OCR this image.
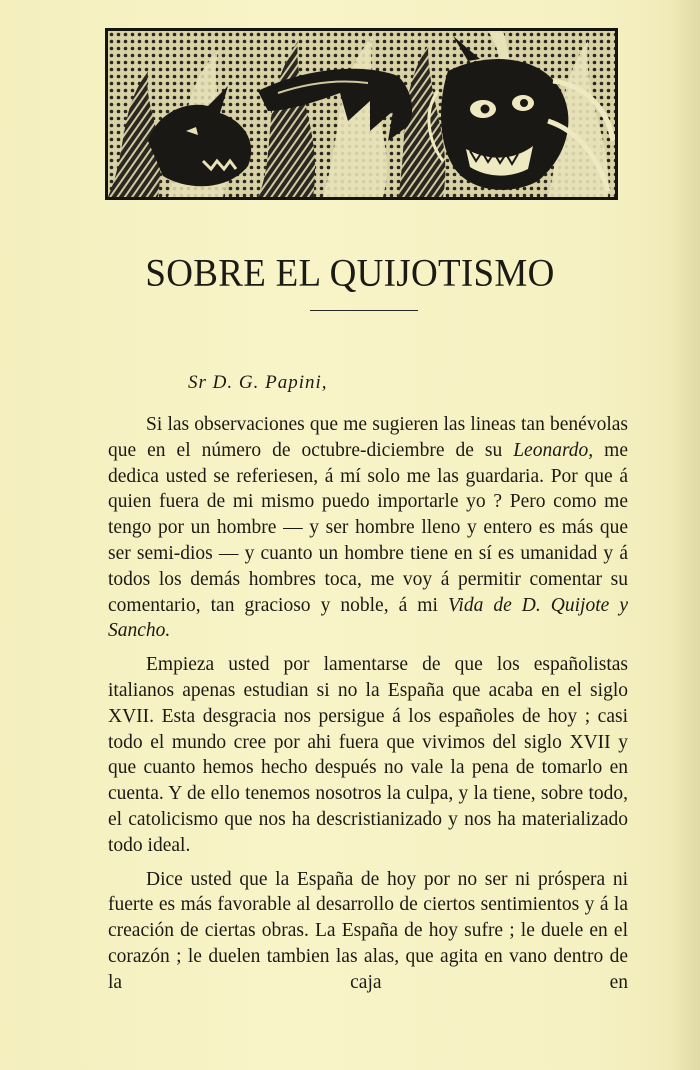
SOBRE EL QUIJOTISMO
Sr D. G. Papini,

Si las observaciones que me sugieren las lineas tan benévolas que en el número de octubre-diciembre de su Leonardo, me dedica usted se referiesen, á mí solo me las guardaria. Por que á quien fuera de mi mismo puedo importarle yo ? Pero como me tengo por un hombre — y ser hombre lleno y entero es más que ser semi-dios — y cuanto un hombre tiene en sí es umanidad y á todos los demás hombres toca, me voy á permitir comentar su comentario, tan gracioso y noble, á mi Vida de D. Quijote y Sancho.

Empieza usted por lamentarse de que los españolistas italianos apenas estudian si no la España que acaba en el siglo XVII. Esta desgracia nos persigue á los españoles de hoy ; casi todo el mundo cree por ahi fuera que vivimos del siglo XVII y que cuanto hemos hecho después no vale la pena de tomarlo en cuenta. Y de ello tenemos nosotros la culpa, y la tiene, sobre todo, el catolicismo que nos ha descristianizado y nos ha materializado todo ideal.

Dice usted que la España de hoy por no ser ni próspera ni fuerte es más favorable al desarrollo de ciertos sentimientos y á la creación de ciertas obras. La España de hoy sufre ; le duele en el corazón ; le duelen tambien las alas, que agita en vano dentro de la caja en
